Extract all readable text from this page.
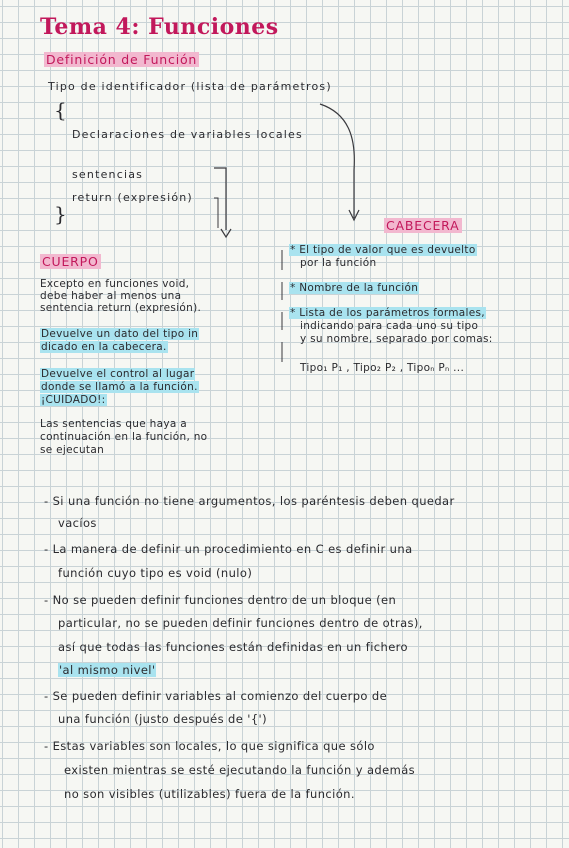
Tema 4: Funciones
Definición de Función
Tipo de identificador (lista de parámetros)
{
Declaraciones de variables locales
sentencias
return (expresión)
}	CABECERA
CUERPO
Excepto en funciones void,
debe haber al menos una
sentencia return (expresión).
Devuelve un dato del tipo in
dicado en la cabecera.
Devuelve el control al lugar
donde se llamó a la función.
¡CUIDADO!:
Las sentencias que haya a
continuación en la función, no
se ejecutan
* El tipo de valor que es devuelto
por la función
* Nombre de la función
* Lista de los parámetros formales,
indicando para cada uno su tipo
y su nombre, separado por comas:
Tipo₁ P₁ , Tipo₂ P₂ , Tipoₙ Pₙ ...
- Si una función no tiene argumentos, los paréntesis deben quedar
vacíos
- La manera de definir un procedimiento en C es definir una
función cuyo tipo es void (nulo)
- No se pueden definir funciones dentro de un bloque (en
particular, no se pueden definir funciones dentro de otras),
así que todas las funciones están definidas en un fichero
'al mismo nivel'
- Se pueden definir variables al comienzo del cuerpo de
una función (justo después de '{')
- Estas variables son locales, lo que significa que sólo
existen mientras se esté ejecutando la función y además
no son visibles (utilizables) fuera de la función.
